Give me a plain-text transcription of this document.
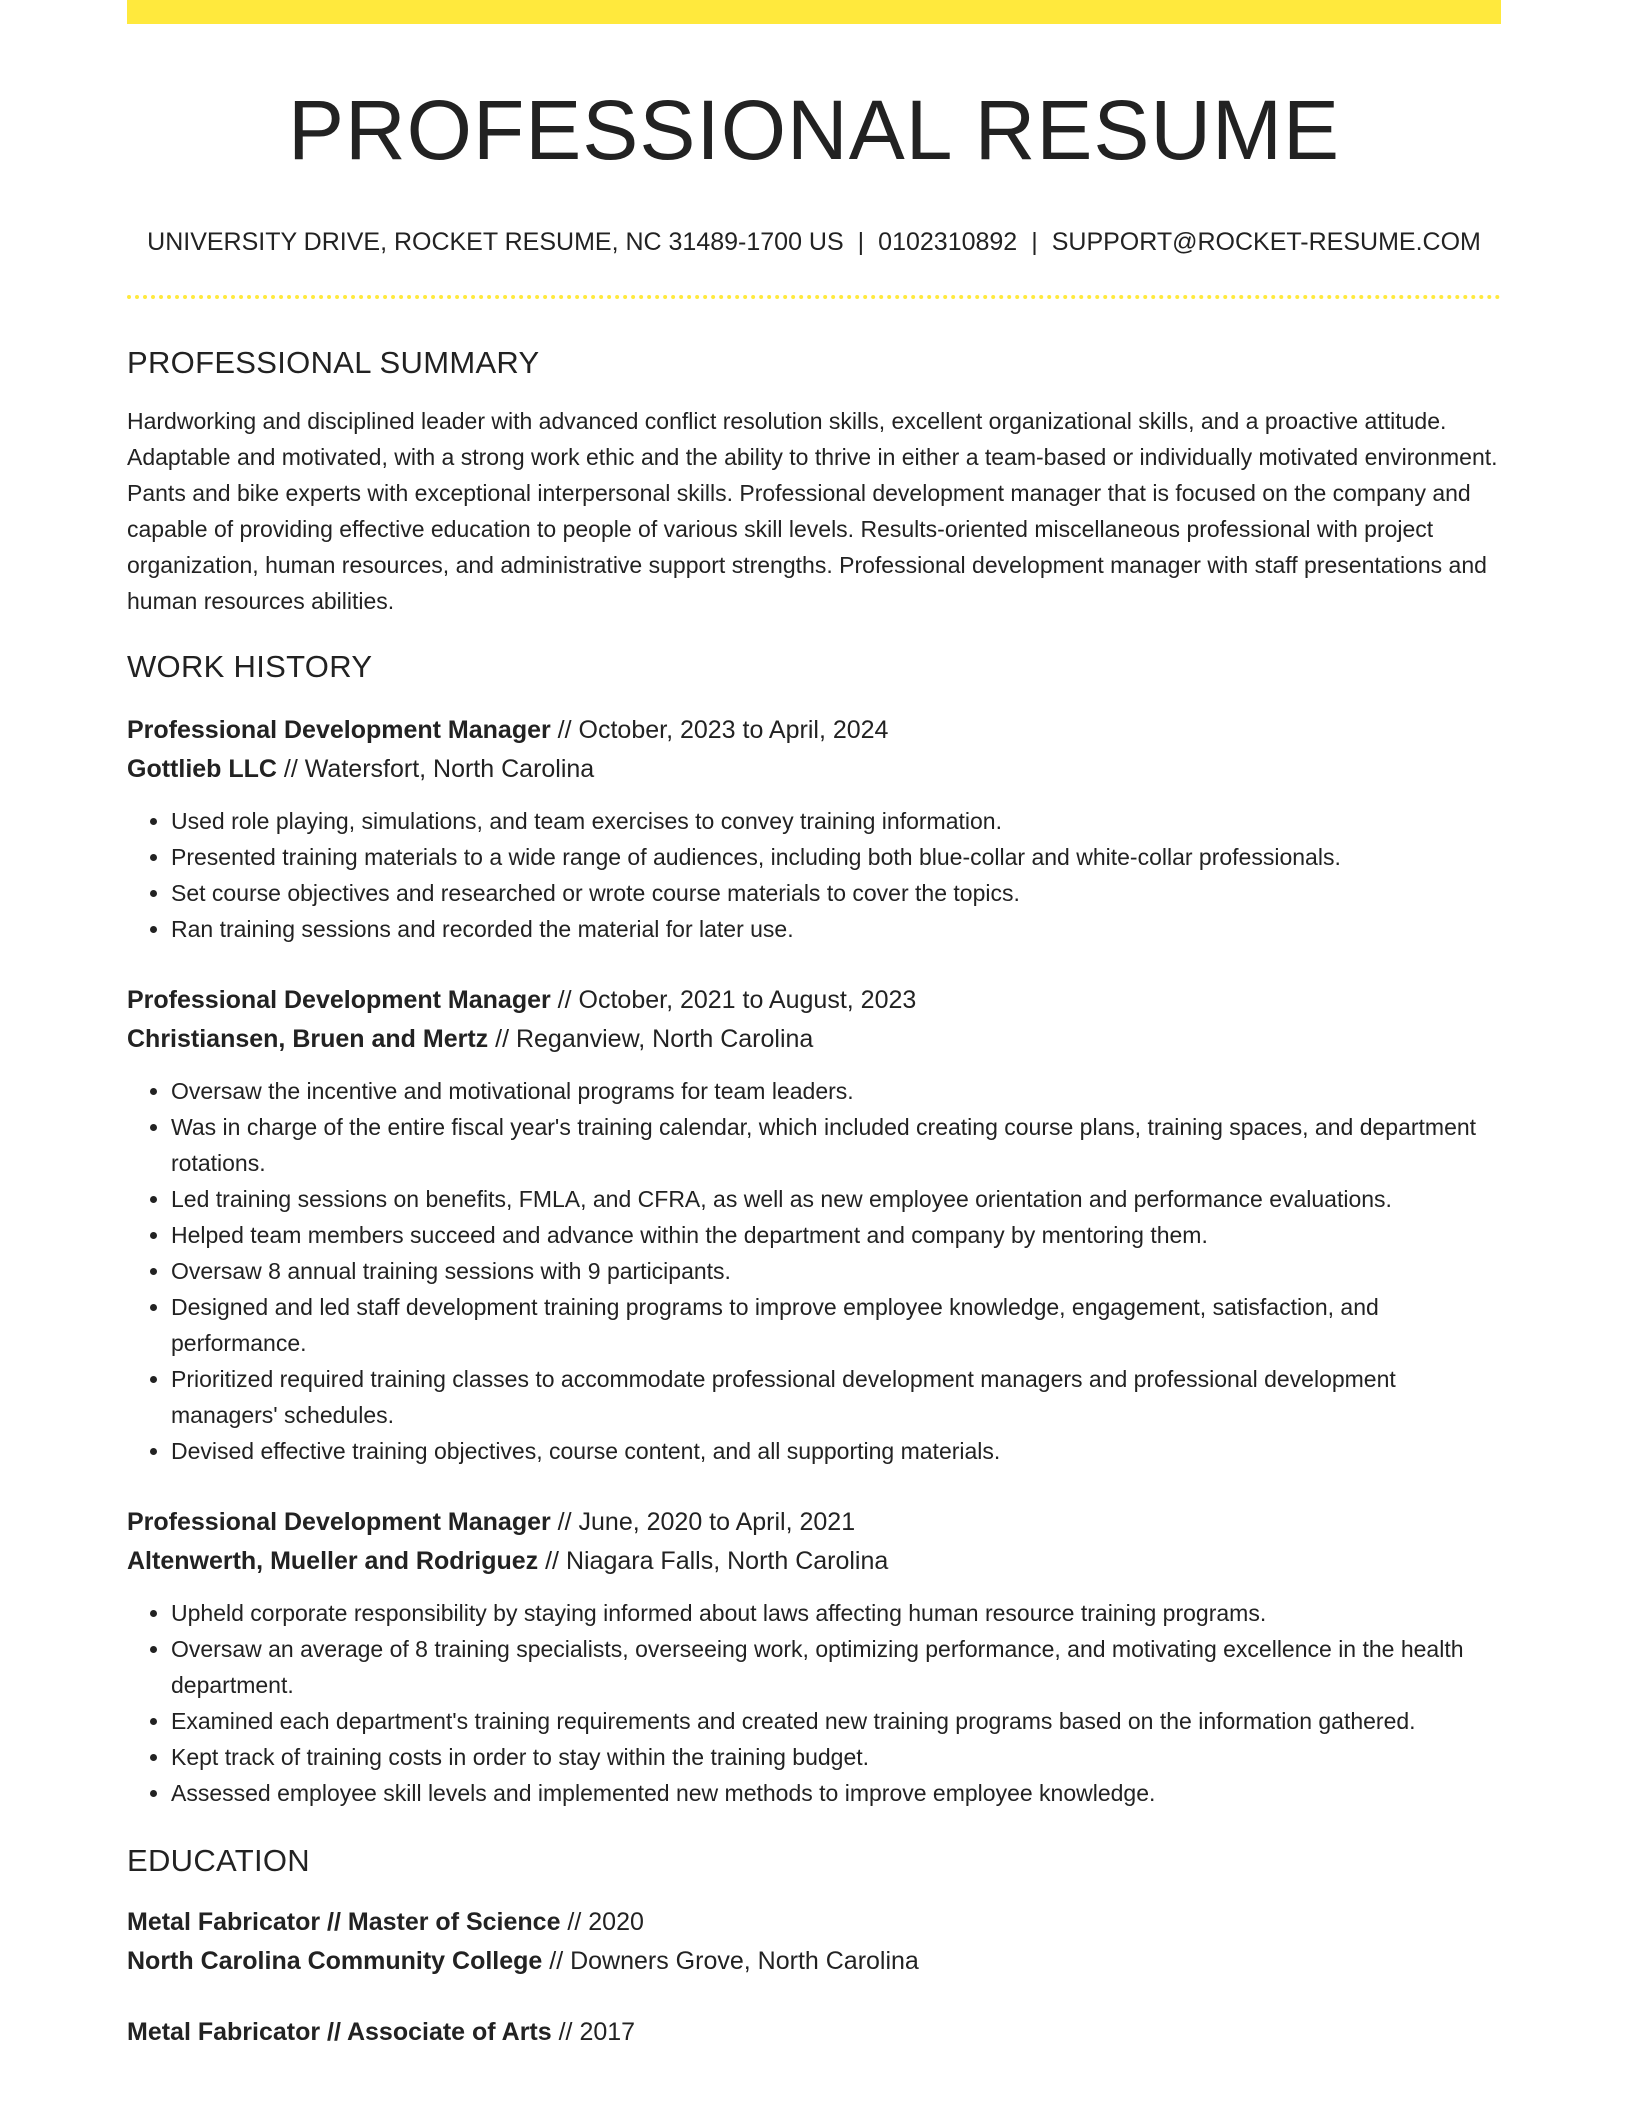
PROFESSIONAL RESUME
UNIVERSITY DRIVE, ROCKET RESUME, NC 31489-1700 US | 0102310892 | SUPPORT@ROCKET-RESUME.COM
PROFESSIONAL SUMMARY

Hardworking and disciplined leader with advanced conflict resolution skills, excellent organizational skills, and a proactive attitude. Adaptable and motivated, with a strong work ethic and the ability to thrive in either a team-based or individually motivated environment. Pants and bike experts with exceptional interpersonal skills. Professional development manager that is focused on the company and capable of providing effective education to people of various skill levels. Results-oriented miscellaneous professional with project organization, human resources, and administrative support strengths. Professional development manager with staff presentations and human resources abilities.

WORK HISTORY
Professional Development Manager // October, 2023 to April, 2024
Gottlieb LLC // Watersfort, North Carolina
• Used role playing, simulations, and team exercises to convey training information.
• Presented training materials to a wide range of audiences, including both blue-collar and white-collar professionals.
• Set course objectives and researched or wrote course materials to cover the topics.
• Ran training sessions and recorded the material for later use.
Professional Development Manager // October, 2021 to August, 2023
Christiansen, Bruen and Mertz // Reganview, North Carolina
• Oversaw the incentive and motivational programs for team leaders.
• Was in charge of the entire fiscal year's training calendar, which included creating course plans, training spaces, and department rotations.
• Led training sessions on benefits, FMLA, and CFRA, as well as new employee orientation and performance evaluations.
• Helped team members succeed and advance within the department and company by mentoring them.
• Oversaw 8 annual training sessions with 9 participants.
• Designed and led staff development training programs to improve employee knowledge, engagement, satisfaction, and performance.
• Prioritized required training classes to accommodate professional development managers and professional development managers' schedules.
• Devised effective training objectives, course content, and all supporting materials.
Professional Development Manager // June, 2020 to April, 2021
Altenwerth, Mueller and Rodriguez // Niagara Falls, North Carolina
• Upheld corporate responsibility by staying informed about laws affecting human resource training programs.
• Oversaw an average of 8 training specialists, overseeing work, optimizing performance, and motivating excellence in the health department.
• Examined each department's training requirements and created new training programs based on the information gathered.
• Kept track of training costs in order to stay within the training budget.
• Assessed employee skill levels and implemented new methods to improve employee knowledge.
EDUCATION
Metal Fabricator // Master of Science // 2020
North Carolina Community College // Downers Grove, North Carolina
Metal Fabricator // Associate of Arts // 2017
